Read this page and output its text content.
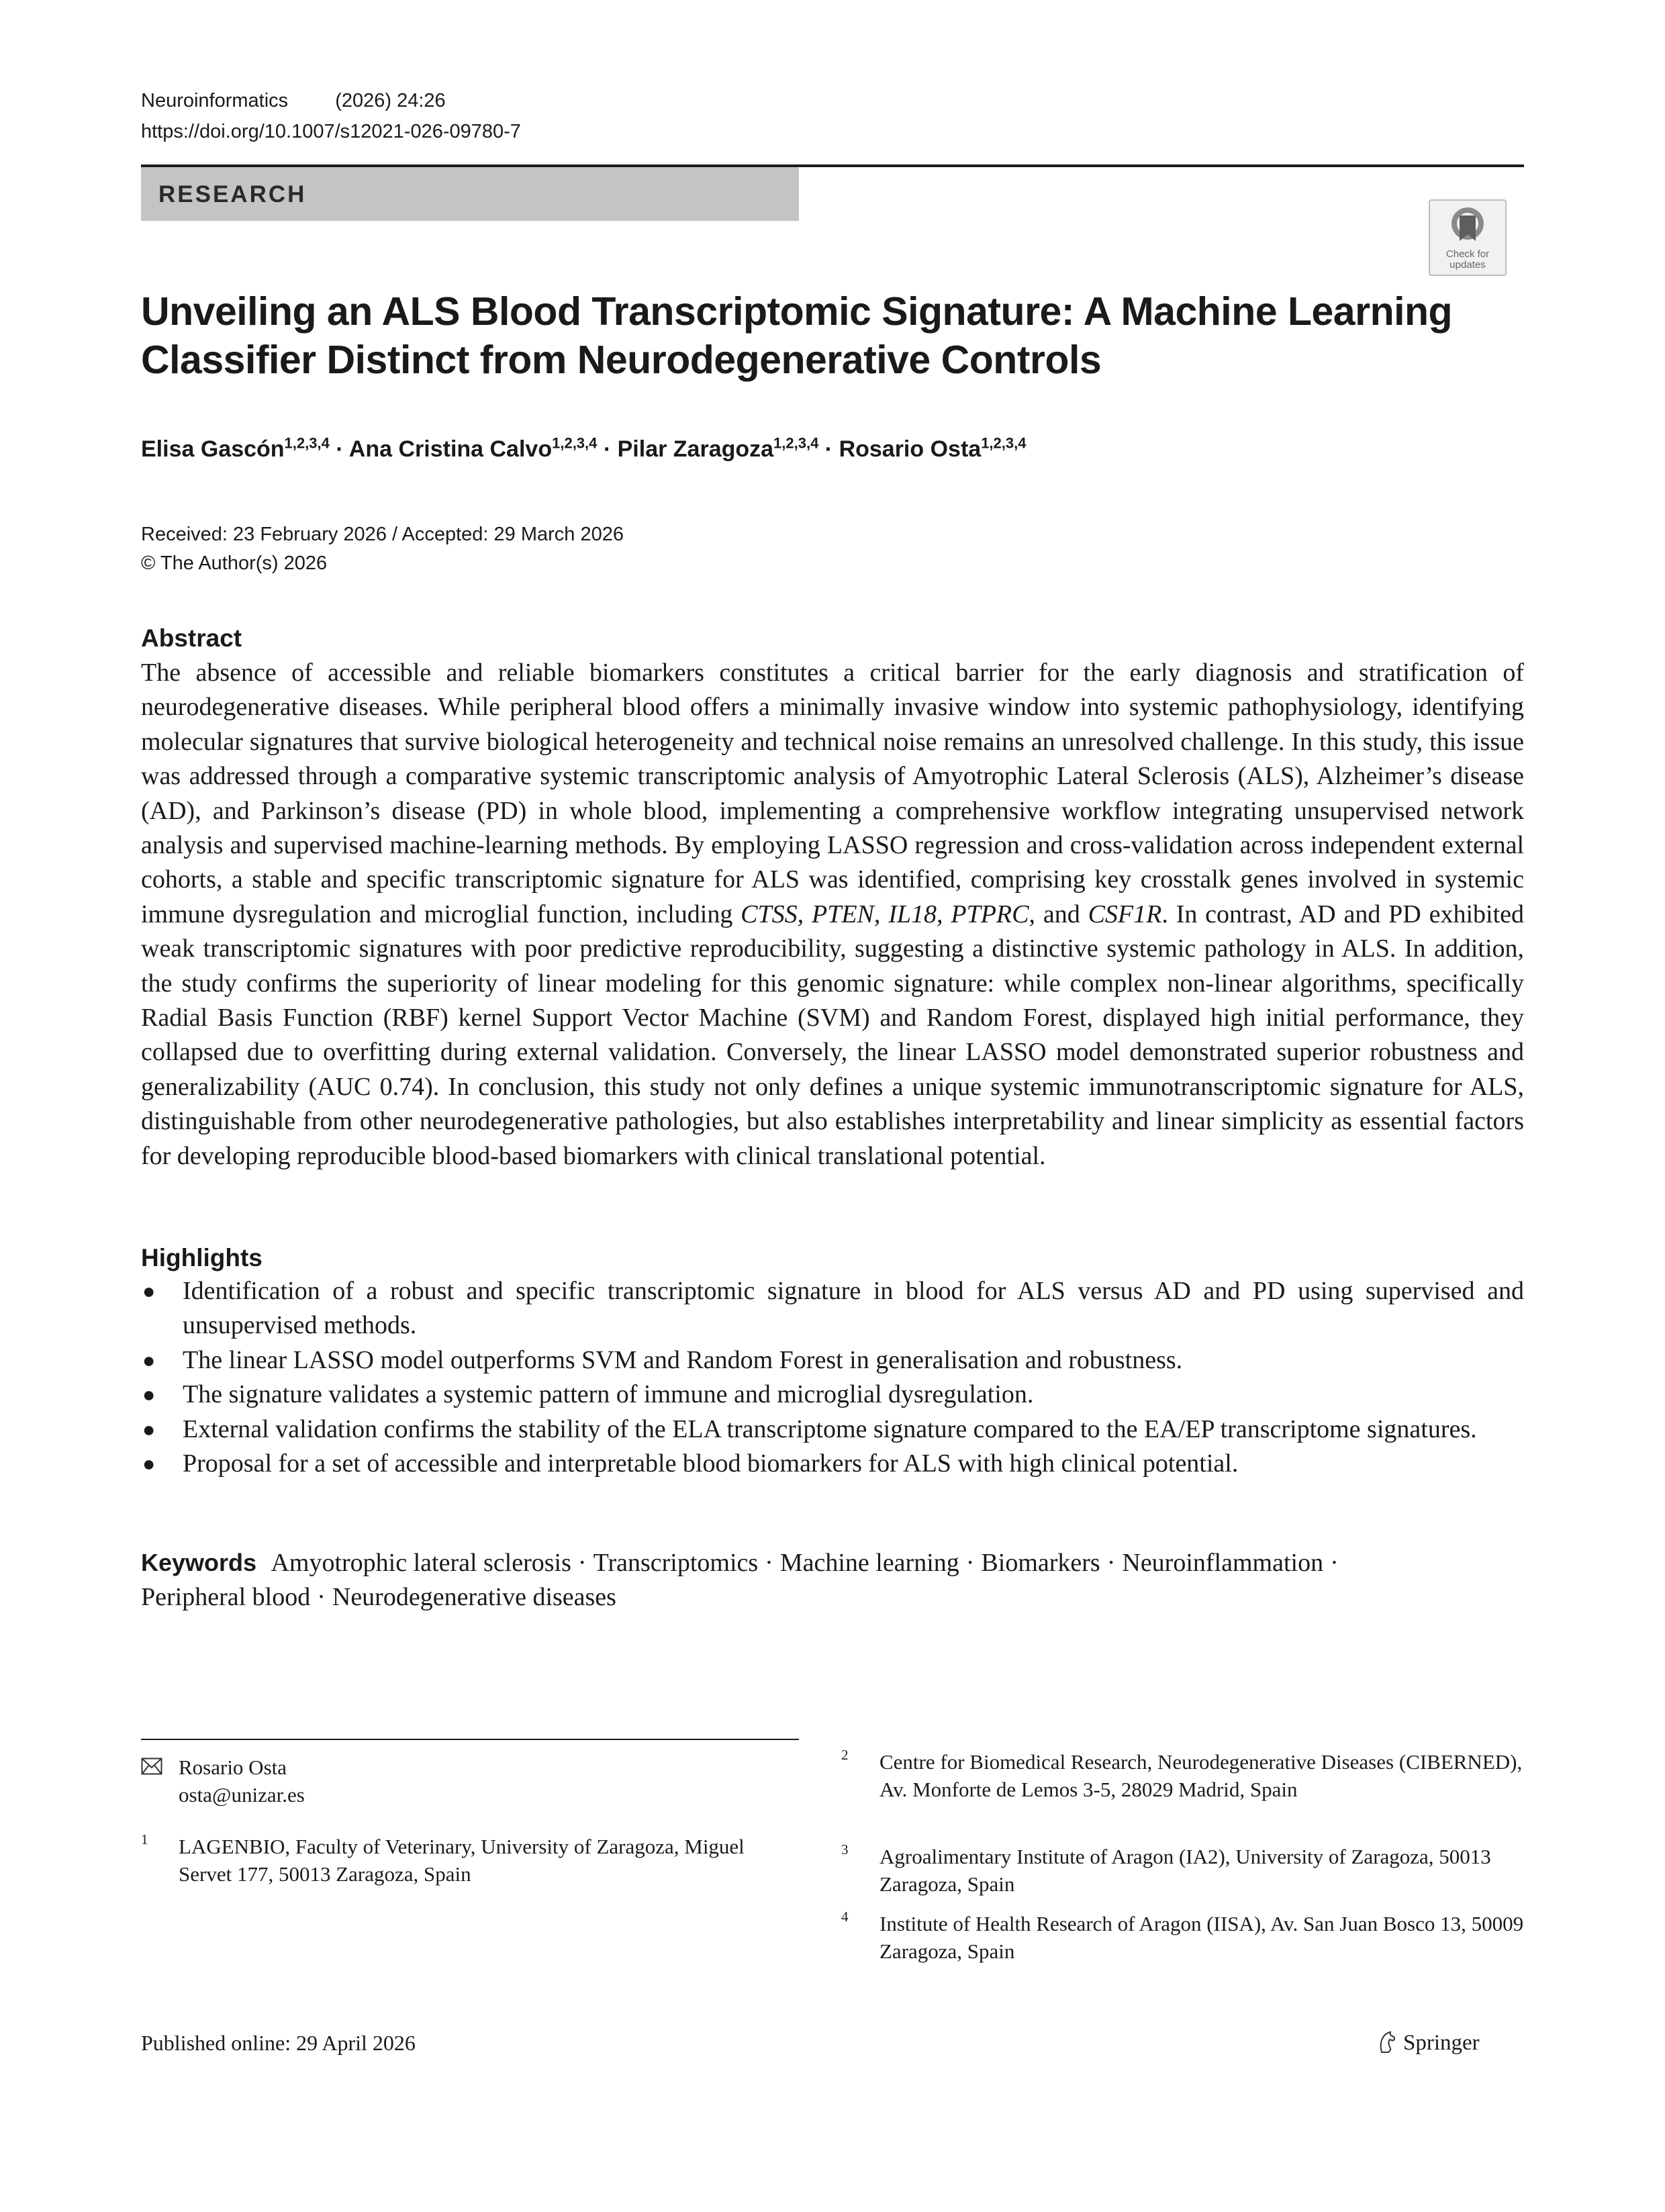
Neuroinformatics (2026) 24:26
https://doi.org/10.1007/s12021-026-09780-7
RESEARCH
Check for updates
Unveiling an ALS Blood Transcriptomic Signature: A Machine Learning Classifier Distinct from Neurodegenerative Controls
Elisa Gascón$^{1,2,3,4}$ · Ana Cristina Calvo$^{1,2,3,4}$ · Pilar Zaragoza$^{1,2,3,4}$ · Rosario Osta$^{1,2,3,4}$
Received: 23 February 2026 / Accepted: 29 March 2026
© The Author(s) 2026
Abstract
The absence of accessible and reliable biomarkers constitutes a critical barrier for the early diagnosis and stratification of neurodegenerative diseases. While peripheral blood offers a minimally invasive window into systemic pathophysiology, identifying molecular signatures that survive biological heterogeneity and technical noise remains an unresolved challenge. In this study, this issue was addressed through a comparative systemic transcriptomic analysis of Amyotrophic Lateral Sclerosis (ALS), Alzheimer’s disease (AD), and Parkinson’s disease (PD) in whole blood, implementing a comprehensive workflow integrating unsupervised network analysis and supervised machine-learning methods. By employing LASSO regression and cross-validation across independent external cohorts, a stable and specific transcriptomic signature for ALS was identified, comprising key crosstalk genes involved in systemic immune dysregulation and microglial function, including CTSS, PTEN, IL18, PTPRC, and CSF1R. In contrast, AD and PD exhibited weak transcriptomic signatures with poor predictive reproducibility, suggesting a distinctive systemic pathology in ALS. In addition, the study confirms the superiority of linear modeling for this genomic signature: while complex non-linear algorithms, specifically Radial Basis Function (RBF) kernel Support Vector Machine (SVM) and Random Forest, displayed high initial performance, they collapsed due to overfitting during external validation. Conversely, the linear LASSO model demonstrated superior robustness and generalizability (AUC 0.74). In conclusion, this study not only defines a unique systemic immunotranscriptomic signature for ALS, distinguishable from other neurodegenerative pathologies, but also establishes interpretability and linear simplicity as essential factors for developing reproducible blood-based biomarkers with clinical translational potential.
Highlights
● Identification of a robust and specific transcriptomic signature in blood for ALS versus AD and PD using supervised and unsupervised methods.
● The linear LASSO model outperforms SVM and Random Forest in generalisation and robustness.
● The signature validates a systemic pattern of immune and microglial dysregulation.
● External validation confirms the stability of the ELA transcriptome signature compared to the EA/EP transcriptome signatures.
● Proposal for a set of accessible and interpretable blood biomarkers for ALS with high clinical potential.
Keywords Amyotrophic lateral sclerosis · Transcriptomics · Machine learning · Biomarkers · Neuroinflammation ·
Peripheral blood · Neurodegenerative diseases
Rosario Osta
osta@unizar.es
1 LAGENBIO, Faculty of Veterinary, University of Zaragoza, Miguel Servet 177, 50013 Zaragoza, Spain
2 Centre for Biomedical Research, Neurodegenerative Diseases (CIBERNED), Av. Monforte de Lemos 3-5, 28029 Madrid, Spain
3 Agroalimentary Institute of Aragon (IA2), University of Zaragoza, 50013 Zaragoza, Spain
4 Institute of Health Research of Aragon (IISA), Av. San Juan Bosco 13, 50009 Zaragoza, Spain
Published online: 29 April 2026	Springer
